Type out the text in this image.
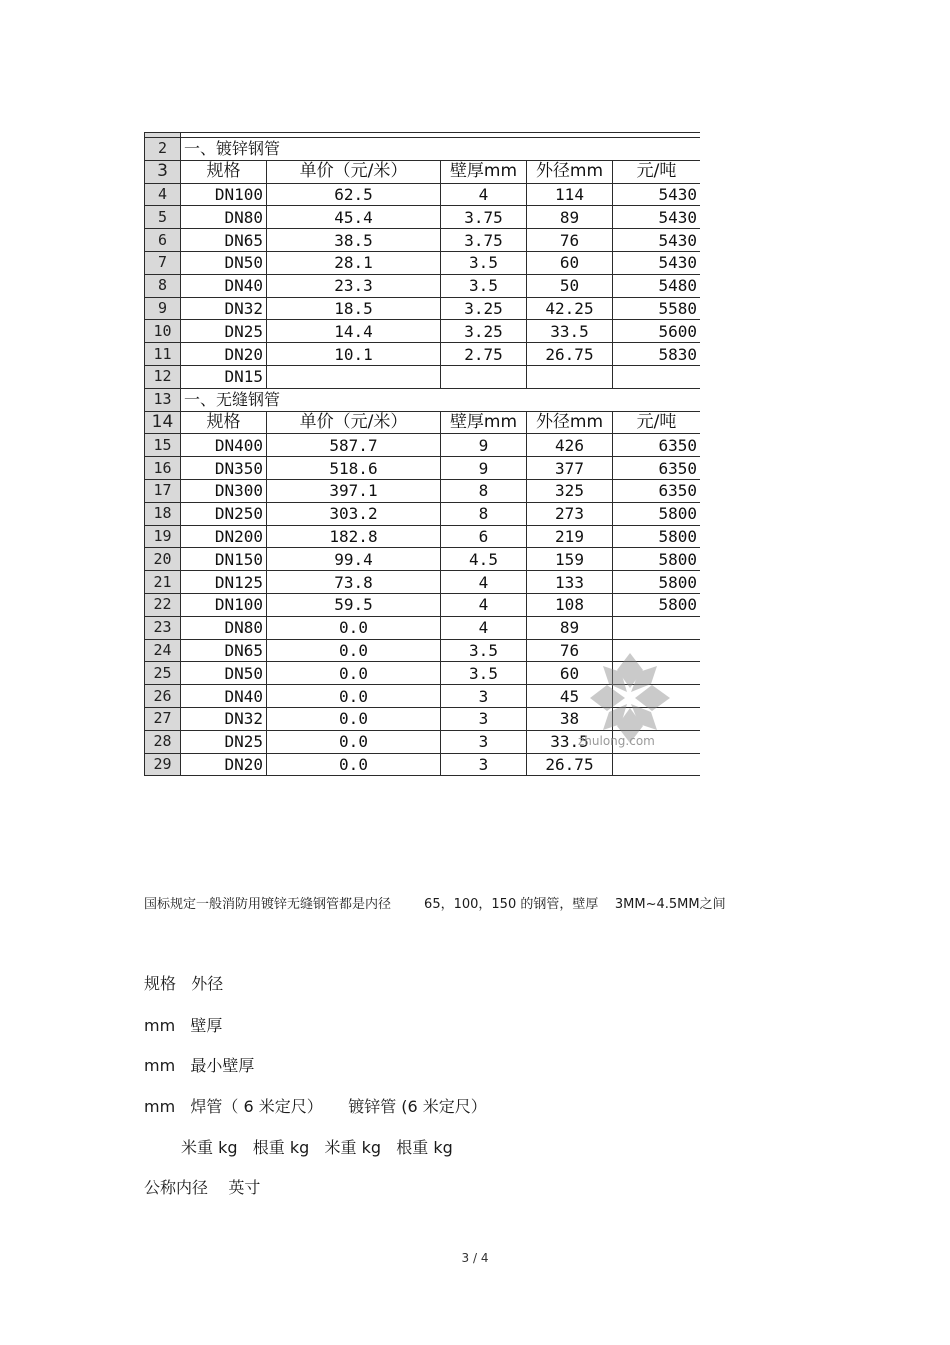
2	一、镀锌钢管				
3	规格	单价（元/米）	壁厚mm	外径mm	元/吨
4	DN100	62.5	4	114	5430
5	DN80	45.4	3.75	89	5430
6	DN65	38.5	3.75	76	5430
7	DN50	28.1	3.5	60	5430
8	DN40	23.3	3.5	50	5480
9	DN32	18.5	3.25	42.25	5580
10	DN25	14.4	3.25	33.5	5600
11	DN20	10.1	2.75	26.75	5830
12	DN15				
13	一、无缝钢管				
14	规格	单价（元/米）	壁厚mm	外径mm	元/吨
15	DN400	587.7	9	426	6350
16	DN350	518.6	9	377	6350
17	DN300	397.1	8	325	6350
18	DN250	303.2	8	273	5800
19	DN200	182.8	6	219	5800
20	DN150	99.4	4.5	159	5800
21	DN125	73.8	4	133	5800
22	DN100	59.5	4	108	5800
23	DN80	0.0	4	89	
24	DN65	0.0	3.5	76	
25	DN50	0.0	3.5	60	
26	DN40	0.0	3	45	
27	DN32	0.0	3	38	
28	DN25	0.0	3	33.5	
29	DN20	0.0	3	26.75	
zhulong.com
国标规定一般消防用镀锌无缝钢管都是内径        65，100，150 的钢管，壁厚    3MM~4.5MM之间
规格   外径
mm   壁厚
mm   最小壁厚
mm   焊管（ 6 米定尺）     镀锌管 (6 米定尺）
米重 kg   根重 kg   米重 kg   根重 kg
公称内径    英寸
3 / 4
